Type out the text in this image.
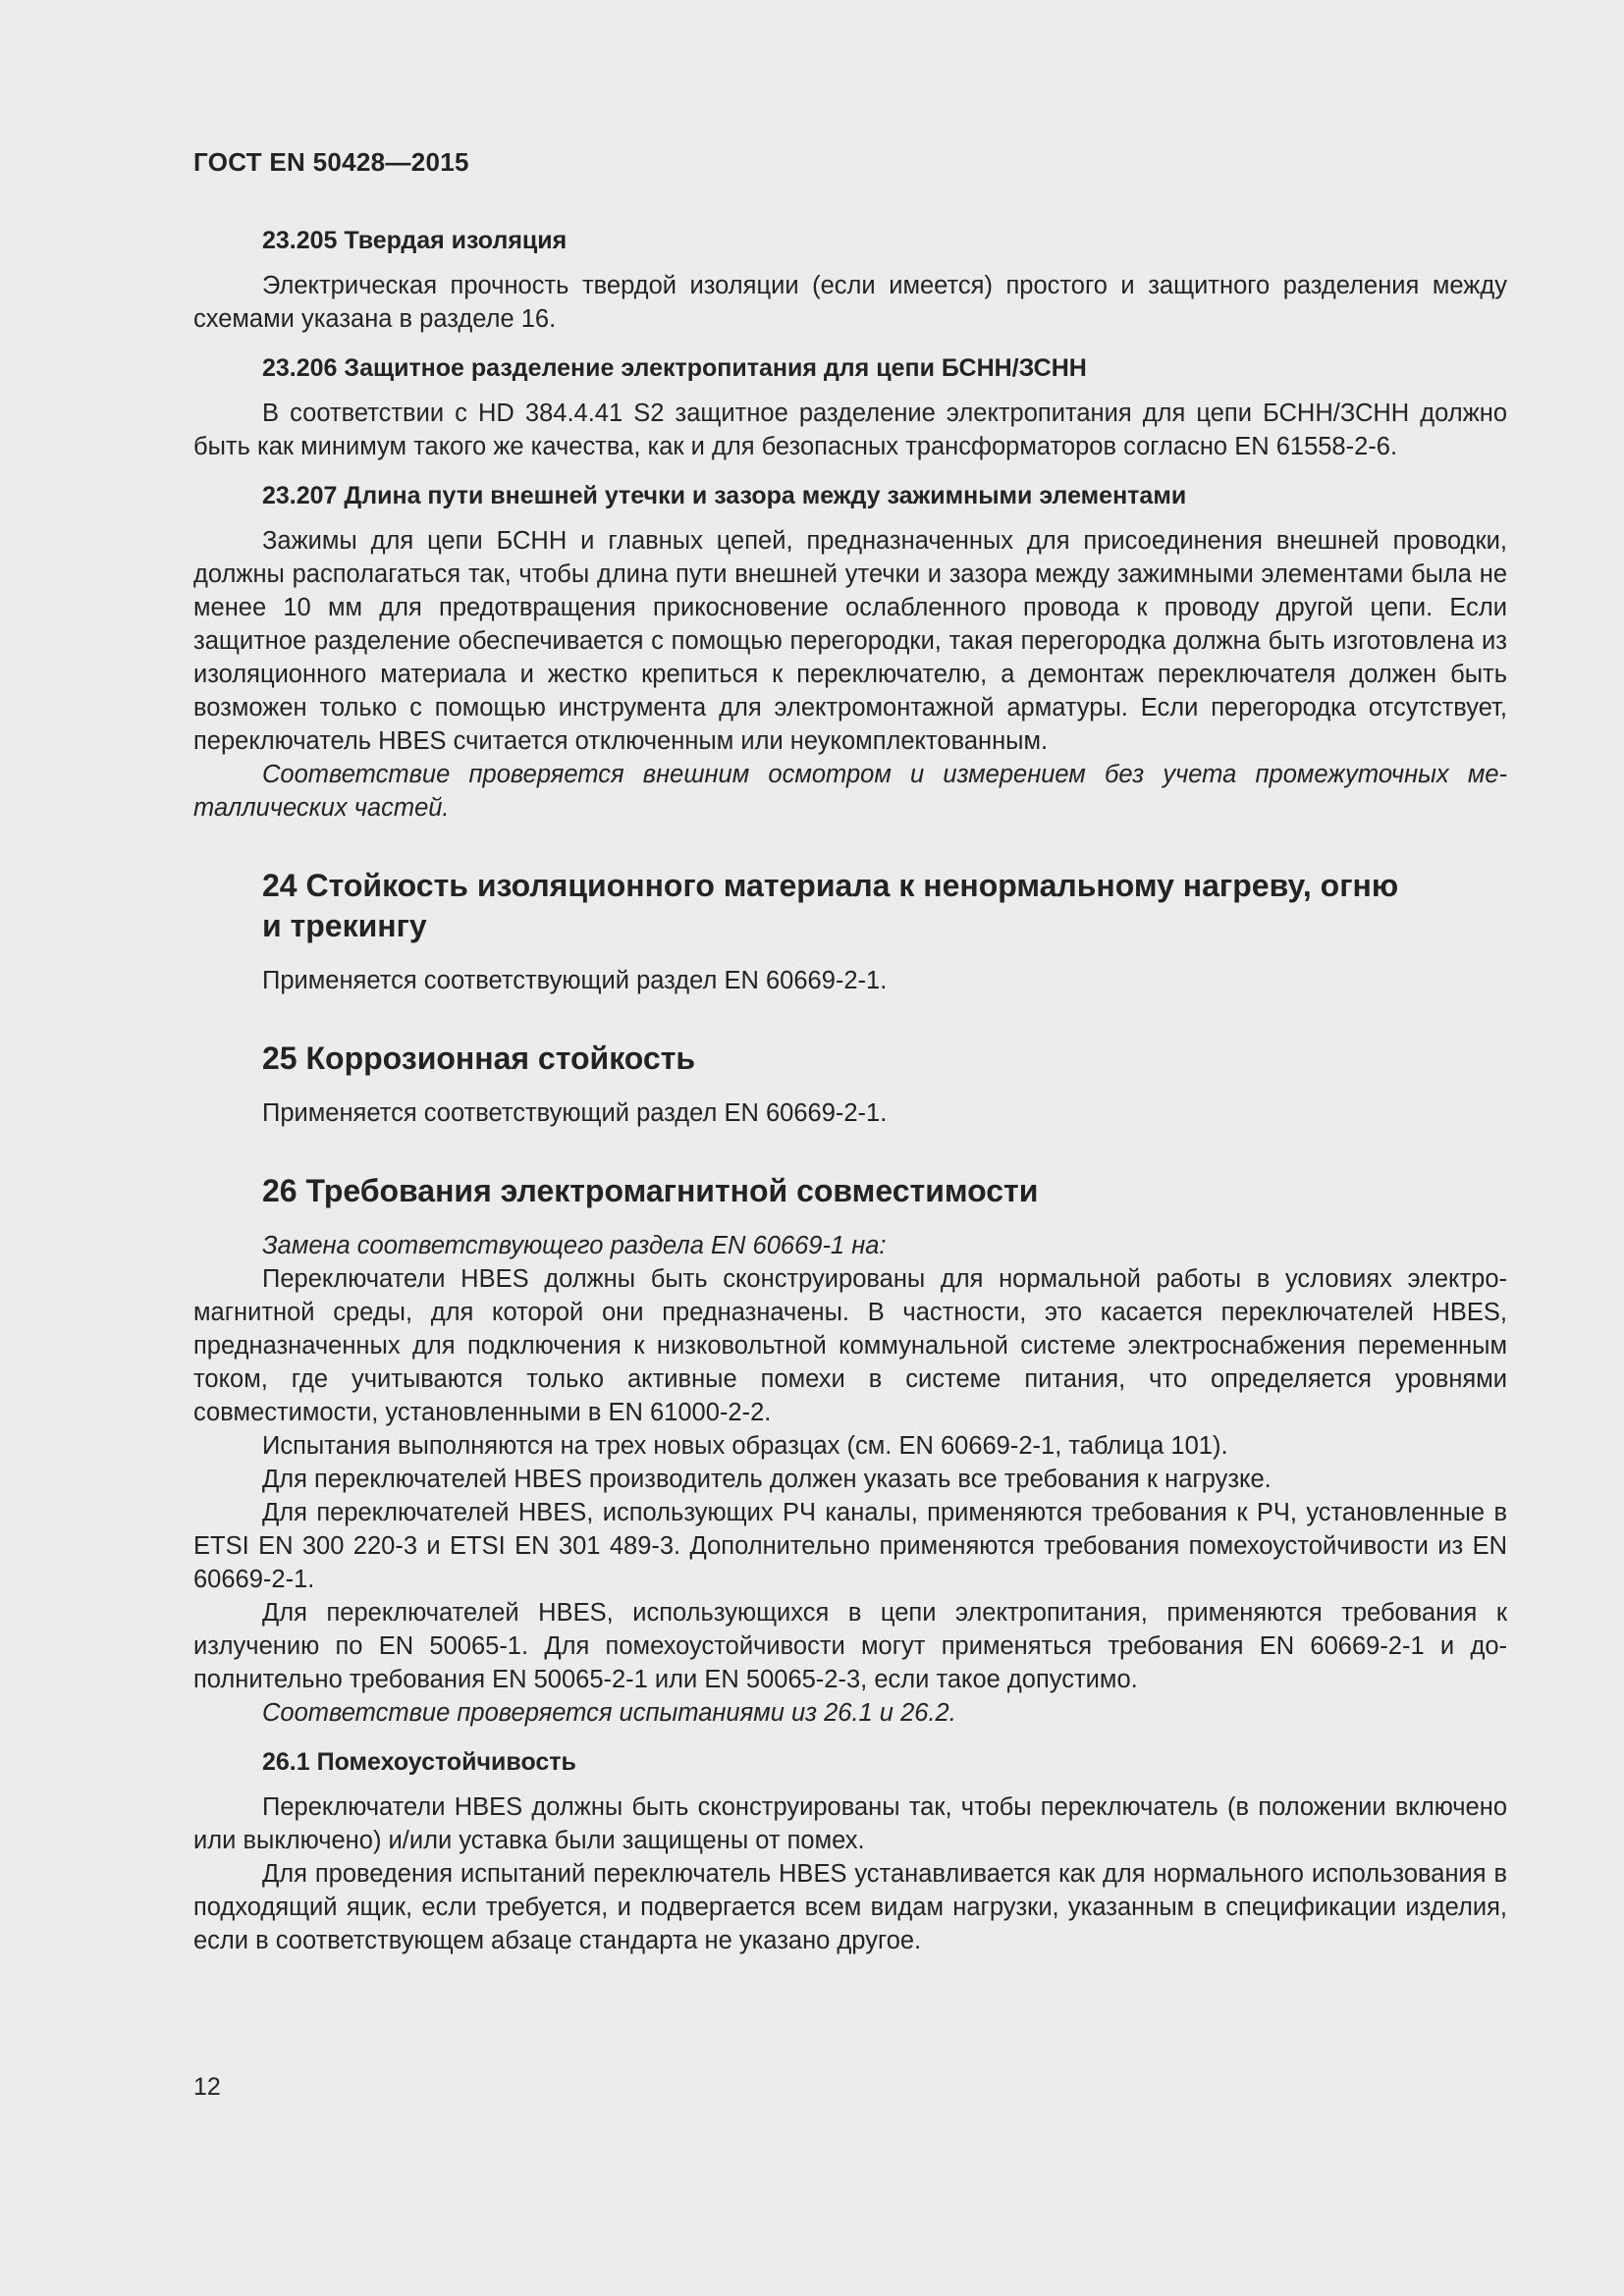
ГОСТ EN 50428—2015

23.205 Твердая изоляция

Электрическая прочность твердой изоляции (если имеется) простого и защитного разделения между схемами указана в разделе 16.

23.206 Защитное разделение электропитания для цепи БСНН/ЗСНН

В соответствии с HD 384.4.41 S2 защитное разделение электропитания для цепи БСНН/ЗСНН должно быть как минимум такого же качества, как и для безопасных трансформаторов согласно EN 61558-2-6.

23.207 Длина пути внешней утечки и зазора между зажимными элементами

Зажимы для цепи БСНН и главных цепей, предназначенных для присоединения внешней проводки, должны располагаться так, чтобы длина пути внешней утечки и зазора между зажимными элементами была не менее 10 мм для предотвращения прикосновение ослабленного провода к проводу другой цепи. Если защитное разделение обеспечивается с помощью перегородки, такая перегородка должна быть изготовлена из изоляционного материала и жестко крепиться к переключателю, а демонтаж переключателя должен быть возможен только с помощью инструмента для электромонтажной арматуры. Если перегородка отсутствует, переключатель HBES считается отключенным или неукомплектованным.

Соответствие проверяется внешним осмотром и измерением без учета промежуточных металлических частей.

24 Стойкость изоляционного материала к ненормальному нагреву, огню
и трекингу

Применяется соответствующий раздел EN 60669-2-1.

25 Коррозионная стойкость

Применяется соответствующий раздел EN 60669-2-1.

26 Требования электромагнитной совместимости

Замена соответствующего раздела EN 60669-1 на:

Переключатели HBES должны быть сконструированы для нормальной работы в условиях электромагнитной среды, для которой они предназначены. В частности, это касается переключателей HBES, предназначенных для подключения к низковольтной коммунальной системе электроснабжения переменным током, где учитываются только активные помехи в системе питания, что определяется уровнями совместимости, установленными в EN 61000-2-2.

Испытания выполняются на трех новых образцах (см. EN 60669-2-1, таблица 101).

Для переключателей HBES производитель должен указать все требования к нагрузке.

Для переключателей HBES, использующих РЧ каналы, применяются требования к РЧ, установленные в ETSI EN 300 220-3 и ETSI EN 301 489-3. Дополнительно применяются требования помехоустойчивости из EN 60669-2-1.

Для переключателей HBES, использующихся в цепи электропитания, применяются требования к излучению по EN 50065-1. Для помехоустойчивости могут применяться требования EN 60669-2-1 и дополнительно требования EN 50065-2-1 или EN 50065-2-3, если такое допустимо.

Соответствие проверяется испытаниями из 26.1 и 26.2.

26.1 Помехоустойчивость

Переключатели HBES должны быть сконструированы так, чтобы переключатель (в положении включено или выключено) и/или уставка были защищены от помех.

Для проведения испытаний переключатель HBES устанавливается как для нормального использования в подходящий ящик, если требуется, и подвергается всем видам нагрузки, указанным в спецификации изделия, если в соответствующем абзаце стандарта не указано другое.

12
